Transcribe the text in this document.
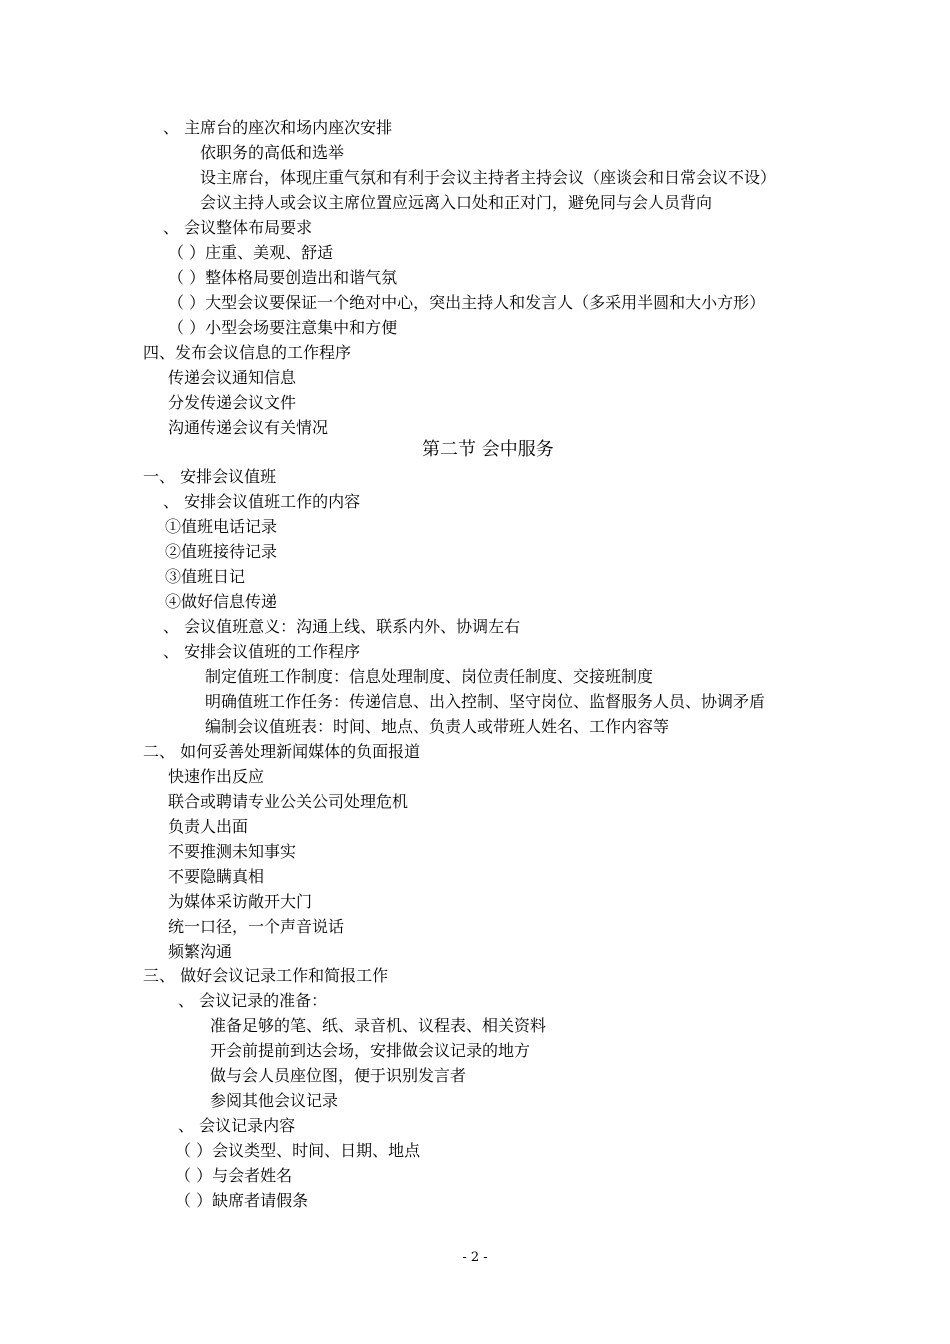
、 主席台的座次和场内座次安排

依职务的高低和选举

设主席台，体现庄重气氛和有利于会议主持者主持会议（座谈会和日常会议不设）

会议主持人或会议主席位置应远离入口处和正对门，避免同与会人员背向

、 会议整体布局要求

（ ）庄重、美观、舒适

（ ）整体格局要创造出和谐气氛

（ ）大型会议要保证一个绝对中心，突出主持人和发言人（多采用半圆和大小方形）

（ ）小型会场要注意集中和方便

四、发布会议信息的工作程序

传递会议通知信息

分发传递会议文件

沟通传递会议有关情况

第二节 会中服务

一、 安排会议值班

、 安排会议值班工作的内容

①值班电话记录

②值班接待记录

③值班日记

④做好信息传递

、 会议值班意义：沟通上线、联系内外、协调左右

、 安排会议值班的工作程序

制定值班工作制度：信息处理制度、岗位责任制度、交接班制度

明确值班工作任务：传递信息、出入控制、坚守岗位、监督服务人员、协调矛盾

编制会议值班表：时间、地点、负责人或带班人姓名、工作内容等

二、 如何妥善处理新闻媒体的负面报道

快速作出反应

联合或聘请专业公关公司处理危机

负责人出面

不要推测未知事实

不要隐瞒真相

为媒体采访敞开大门

统一口径，一个声音说话

频繁沟通

三、 做好会议记录工作和简报工作

、 会议记录的准备：

准备足够的笔、纸、录音机、议程表、相关资料

开会前提前到达会场，安排做会议记录的地方

做与会人员座位图，便于识别发言者

参阅其他会议记录

、 会议记录内容

（ ）会议类型、时间、日期、地点

（ ）与会者姓名

（ ）缺席者请假条

- 2 -
